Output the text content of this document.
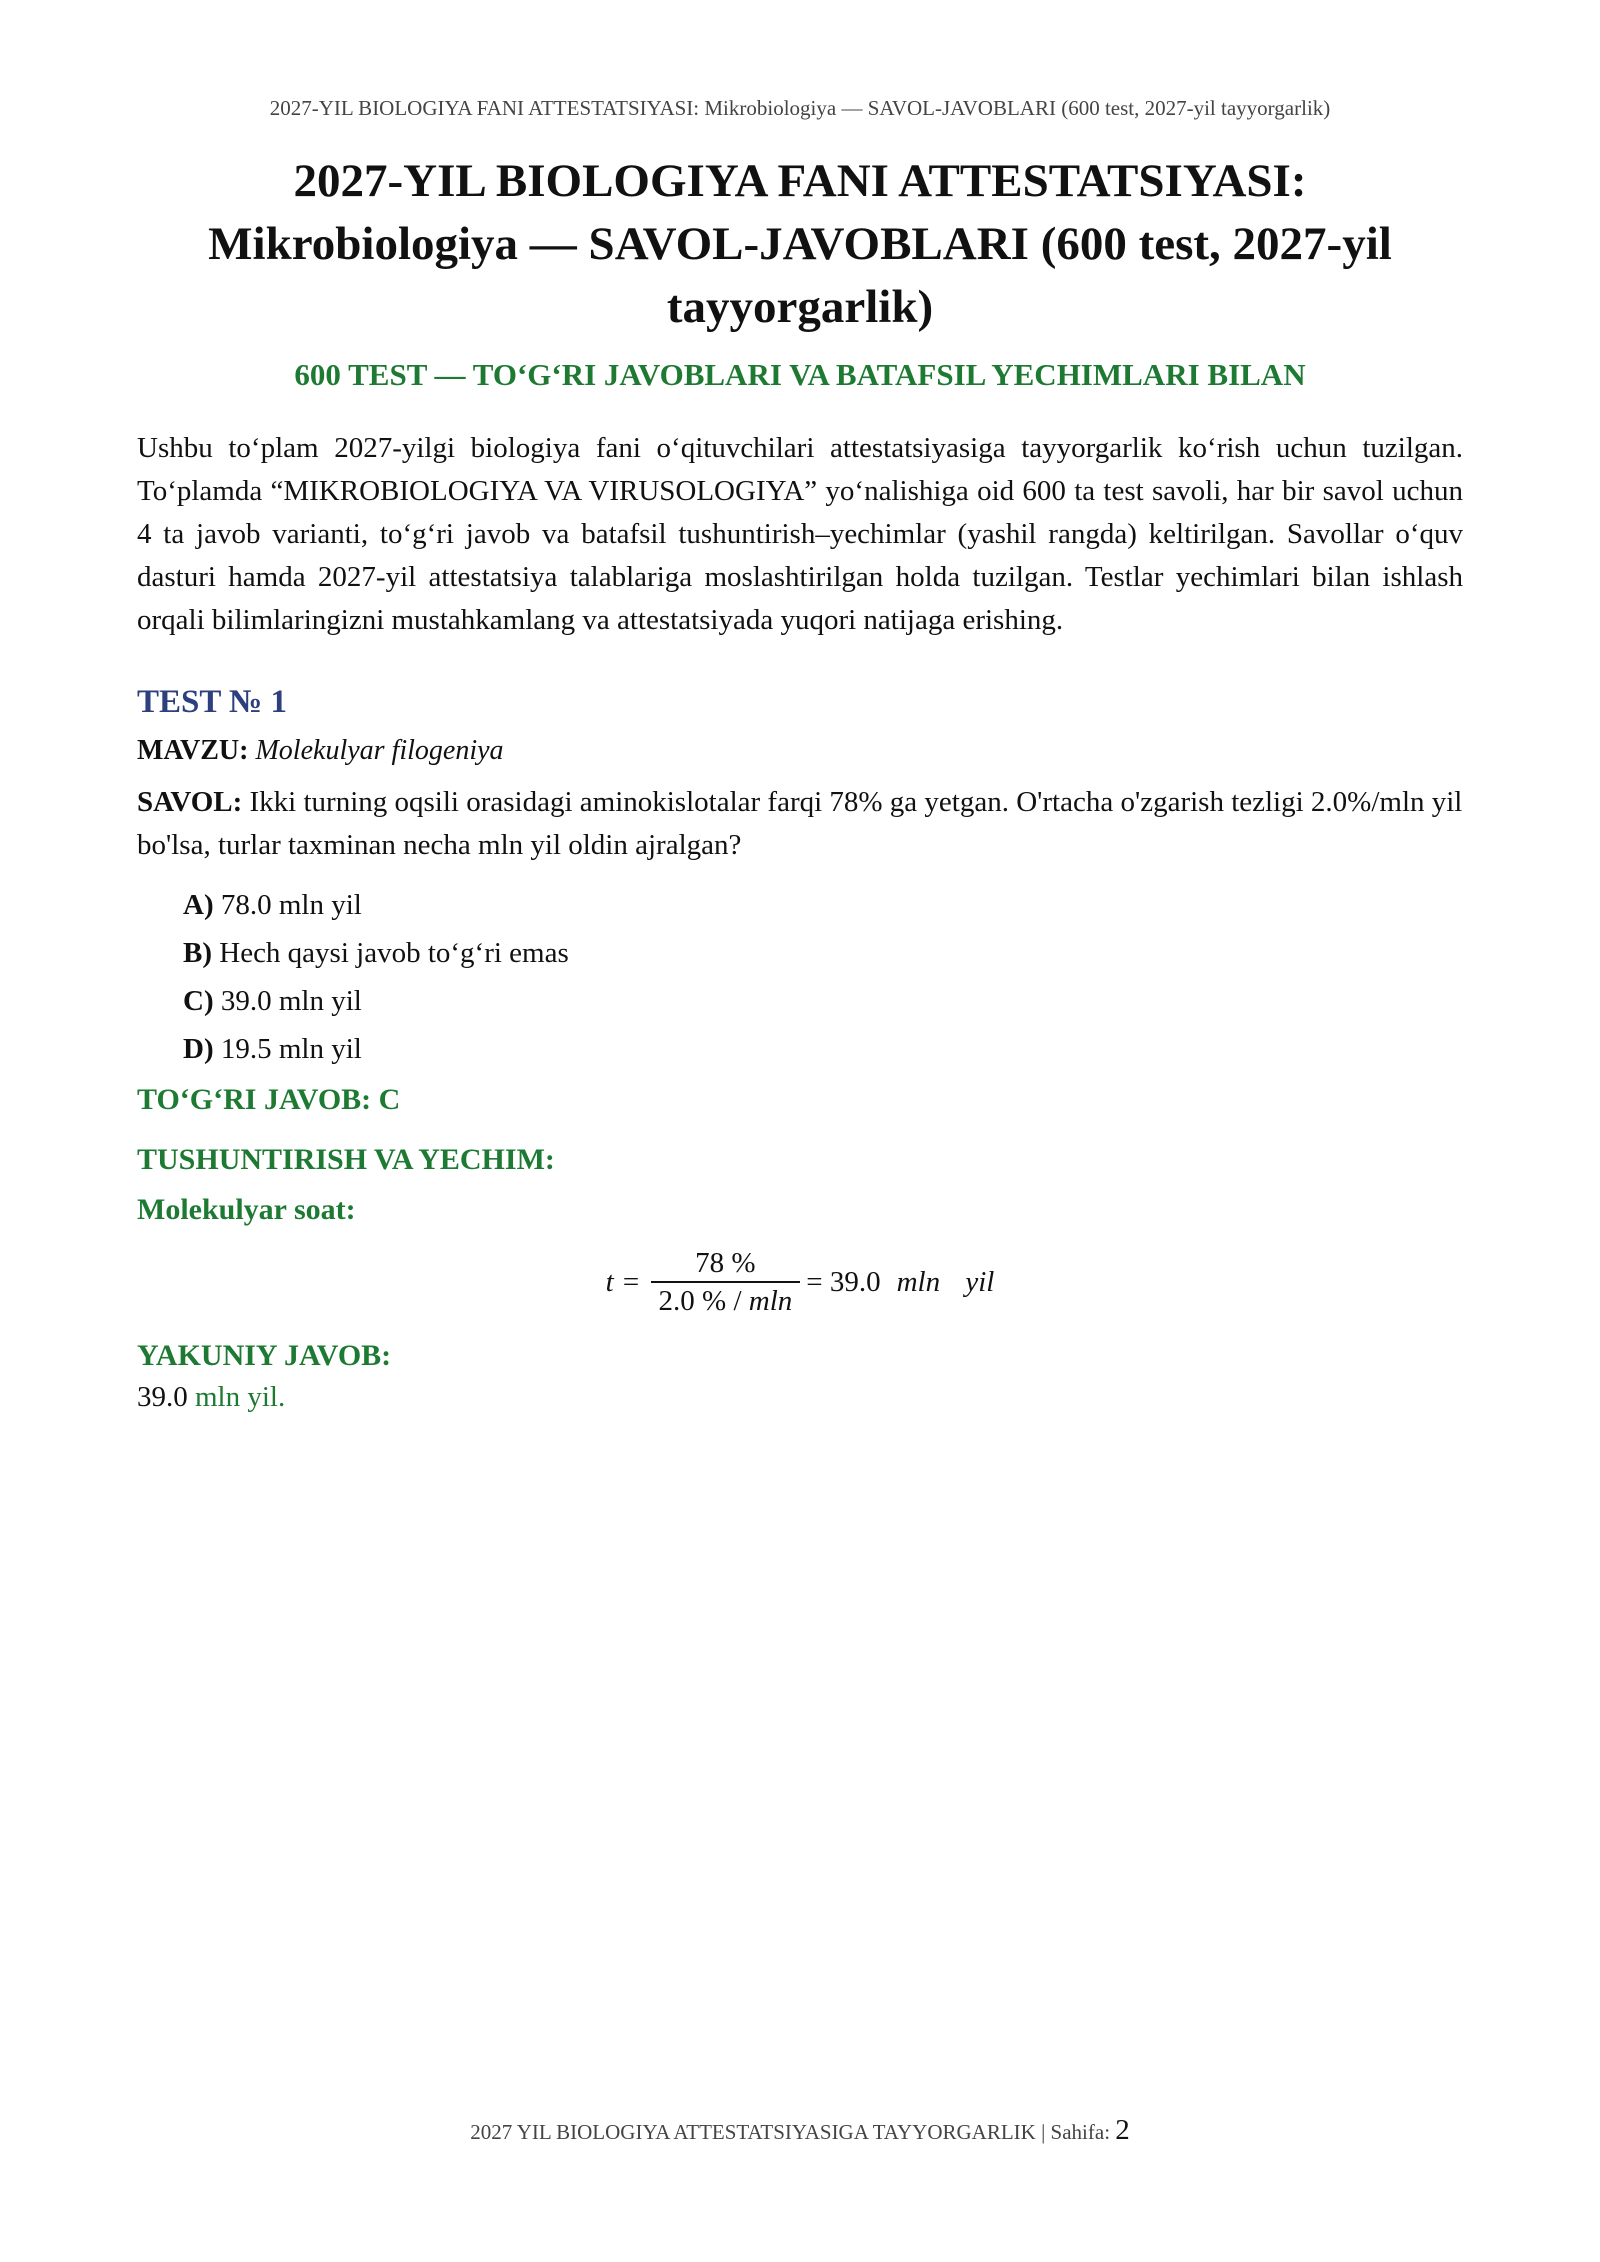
2027-YIL BIOLOGIYA FANI ATTESTATSIYASI: Mikrobiologiya — SAVOL-JAVOBLARI (600 test, 2027-yil tayyorgarlik)
2027-YIL BIOLOGIYA FANI ATTESTATSIYASI: Mikrobiologiya — SAVOL-JAVOBLARI (600 test, 2027-yil tayyorgarlik)
600 TEST — TO‘G‘RI JAVOBLARI VA BATAFSIL YECHIMLARI BILAN

Ushbu to‘plam 2027-yilgi biologiya fani o‘qituvchilari attestatsiyasiga tayyorgarlik ko‘rish uchun tuzilgan. To‘plamda “MIKROBIOLOGIYA VA VIRUSOLOGIYA” yo‘nalishiga oid 600 ta test savoli, har bir savol uchun 4 ta javob varianti, to‘g‘ri javob va batafsil tushuntirish–yechimlar (yashil rangda) keltirilgan. Savollar o‘quv dasturi hamda 2027-yil attestatsiya talablariga moslashtirilgan holda tuzilgan. Testlar yechimlari bilan ishlash orqali bilimlaringizni mustahkamlang va attestatsiyada yuqori natijaga erishing.

TEST № 1
MAVZU: Molekulyar filogeniya
SAVOL: Ikki turning oqsili orasidagi aminokislotalar farqi 78% ga yetgan. O'rtacha o'zgarish tezligi 2.0%/mln yil bo'lsa, turlar taxminan necha mln yil oldin ajralgan?
A) 78.0 mln yil
B) Hech qaysi javob to‘g‘ri emas
C) 39.0 mln yil
D) 19.5 mln yil
TO‘G‘RI JAVOB: C
TUSHUNTIRISH VA YECHIM:
Molekulyar soat:
$t = \frac{78 \%}{2.0 \% / mln} = 39.0$ mln yil
YAKUNIY JAVOB:
39.0 mln yil.
2027 YIL BIOLOGIYA ATTESTATSIYASIGA TAYYORGARLIK | Sahifa: 2
